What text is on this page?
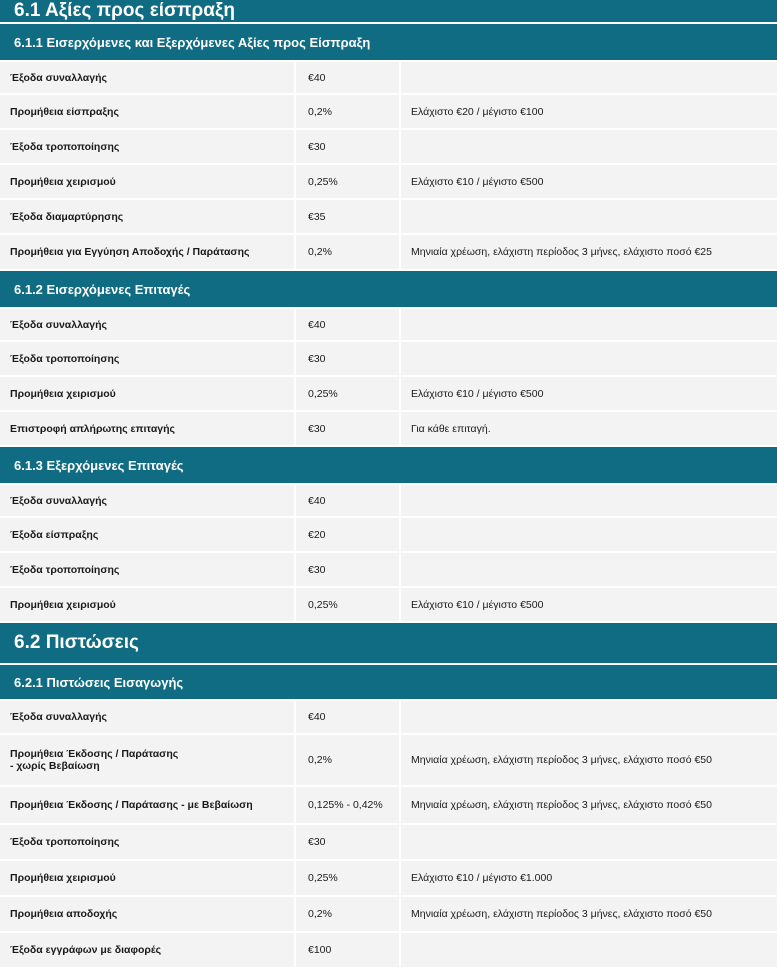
6.1 Αξίες προς είσπραξη
6.1.1 Εισερχόμενες και Εξερχόμενες Αξίες προς Είσπραξη
Έξοδα συναλλαγής	€40
Προμήθεια είσπραξης	0,2%	Ελάχιστο €20 / μέγιστο €100
Έξοδα τροποποίησης	€30
Προμήθεια χειρισμού	0,25%	Ελάχιστο €10 / μέγιστο €500
Έξοδα διαμαρτύρησης	€35
Προμήθεια για Εγγύηση Αποδοχής / Παράτασης	0,2%	Μηνιαία χρέωση, ελάχιστη περίοδος 3 μήνες, ελάχιστο ποσό €25
6.1.2 Εισερχόμενες Επιταγές
Έξοδα συναλλαγής	€40
Έξοδα τροποποίησης	€30
Προμήθεια χειρισμού	0,25%	Ελάχιστο €10 / μέγιστο €500
Επιστροφή απλήρωτης επιταγής	€30	Για κάθε επιταγή.
6.1.3 Εξερχόμενες Επιταγές
Έξοδα συναλλαγής	€40
Έξοδα είσπραξης	€20
Έξοδα τροποποίησης	€30
Προμήθεια χειρισμού	0,25%	Ελάχιστο €10 / μέγιστο €500
6.2 Πιστώσεις
6.2.1 Πιστώσεις Εισαγωγής
Έξοδα συναλλαγής	€40
Προμήθεια Έκδοσης / Παράτασης
- χωρίς Βεβαίωση	0,2%	Μηνιαία χρέωση, ελάχιστη περίοδος 3 μήνες, ελάχιστο ποσό €50
Προμήθεια Έκδοσης / Παράτασης - με Βεβαίωση	0,125% - 0,42%	Μηνιαία χρέωση, ελάχιστη περίοδος 3 μήνες, ελάχιστο ποσό €50
Έξοδα τροποποίησης	€30
Προμήθεια χειρισμού	0,25%	Ελάχιστο €10 / μέγιστο €1.000
Προμήθεια αποδοχής	0,2%	Μηνιαία χρέωση, ελάχιστη περίοδος 3 μήνες, ελάχιστο ποσό €50
Έξοδα εγγράφων με διαφορές	€100
